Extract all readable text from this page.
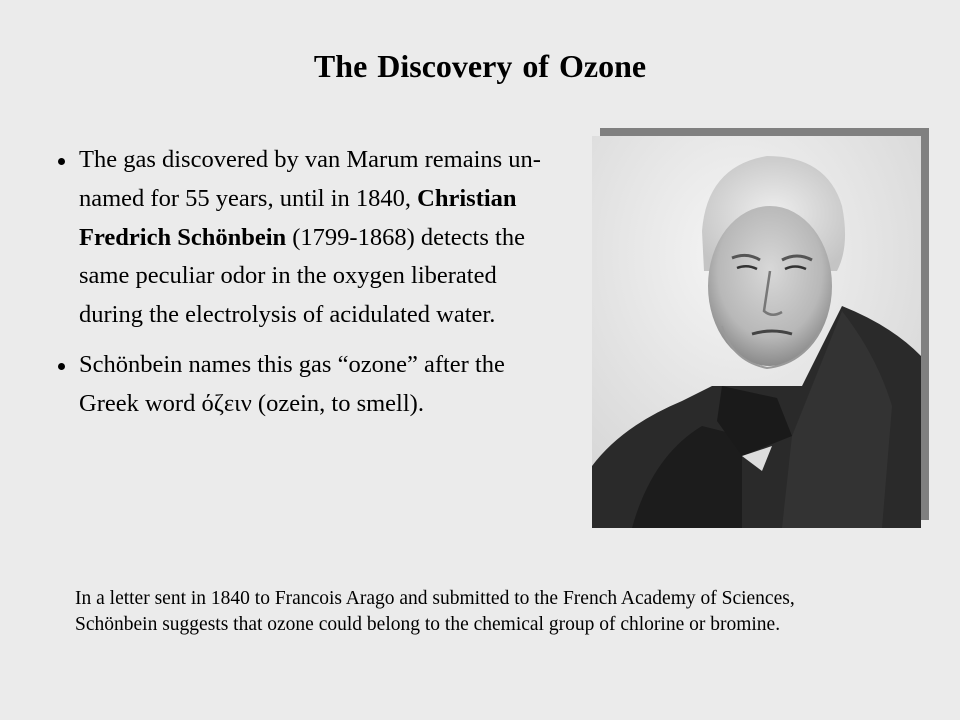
The Discovery of Ozone
The gas discovered by van Marum remains un-named for 55 years, until in 1840, Christian Fredrich Schönbein (1799-1868) detects the same peculiar odor in the oxygen liberated during the electrolysis of acidulated water.
Schönbein names this gas “ozone” after the Greek word όζειν (ozein, to smell).
In a letter sent in 1840 to Francois Arago and submitted to the French Academy of Sciences, Schönbein suggests that ozone could belong to the chemical group of chlorine or bromine.
